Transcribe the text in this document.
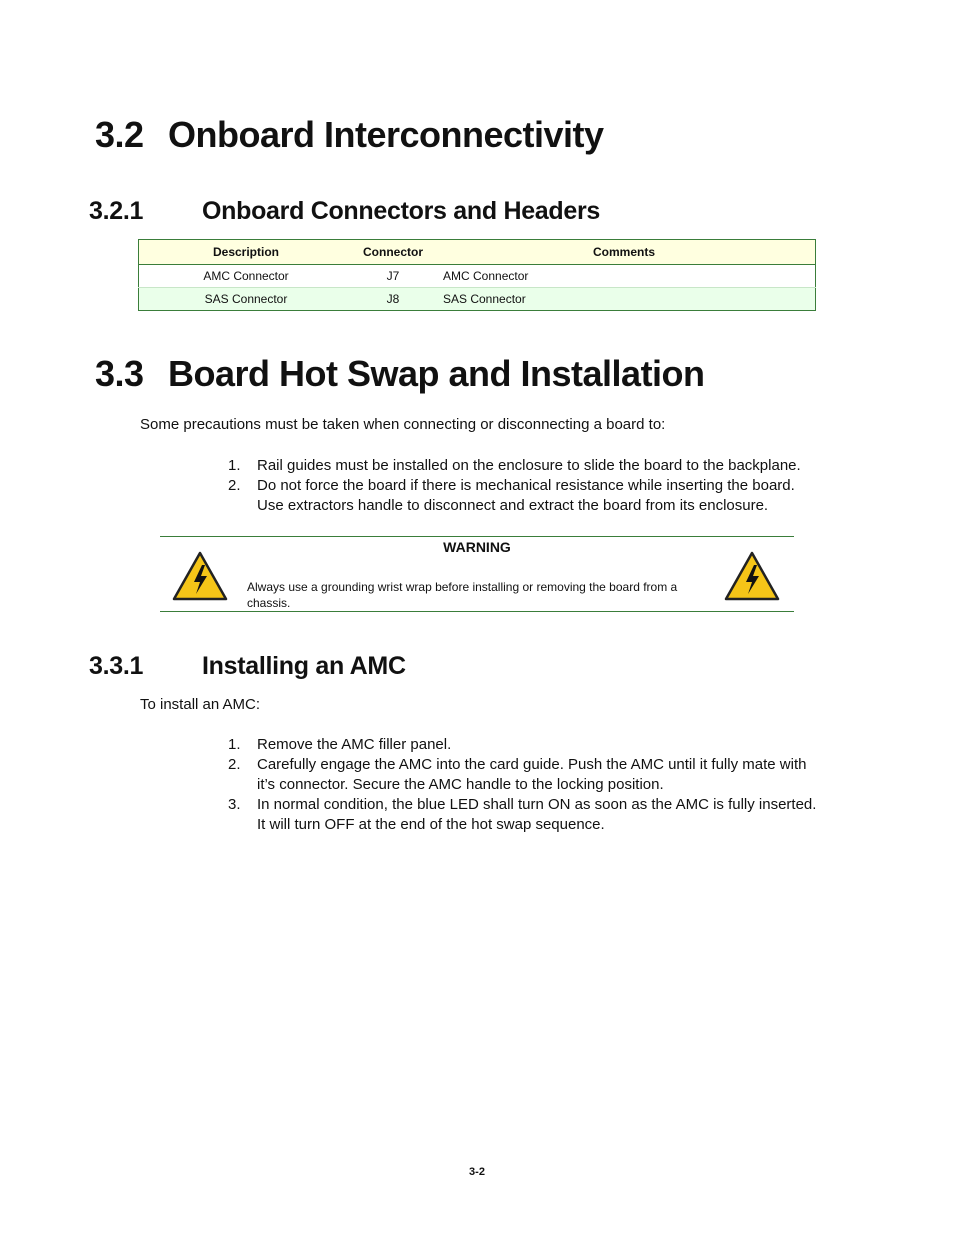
3.2 Onboard Interconnectivity
3.2.1 Onboard Connectors and Headers
Description	Connector	Comments
AMC Connector	J7	AMC Connector
SAS Connector	J8	SAS Connector
3.3 Board Hot Swap and Installation

Some precautions must be taken when connecting or disconnecting a board to:

1. Rail guides must be installed on the enclosure to slide the board to the backplane.
2. Do not force the board if there is mechanical resistance while inserting the board. Use extractors handle to disconnect and extract the board from its enclosure.
WARNING
Always use a grounding wrist wrap before installing or removing the board from a chassis.
3.3.1 Installing an AMC

To install an AMC:

1. Remove the AMC filler panel.
2. Carefully engage the AMC into the card guide. Push the AMC until it fully mate with it’s connector. Secure the AMC handle to the locking position.
3. In normal condition, the blue LED shall turn ON as soon as the AMC is fully inserted. It will turn OFF at the end of the hot swap sequence.
3-2
